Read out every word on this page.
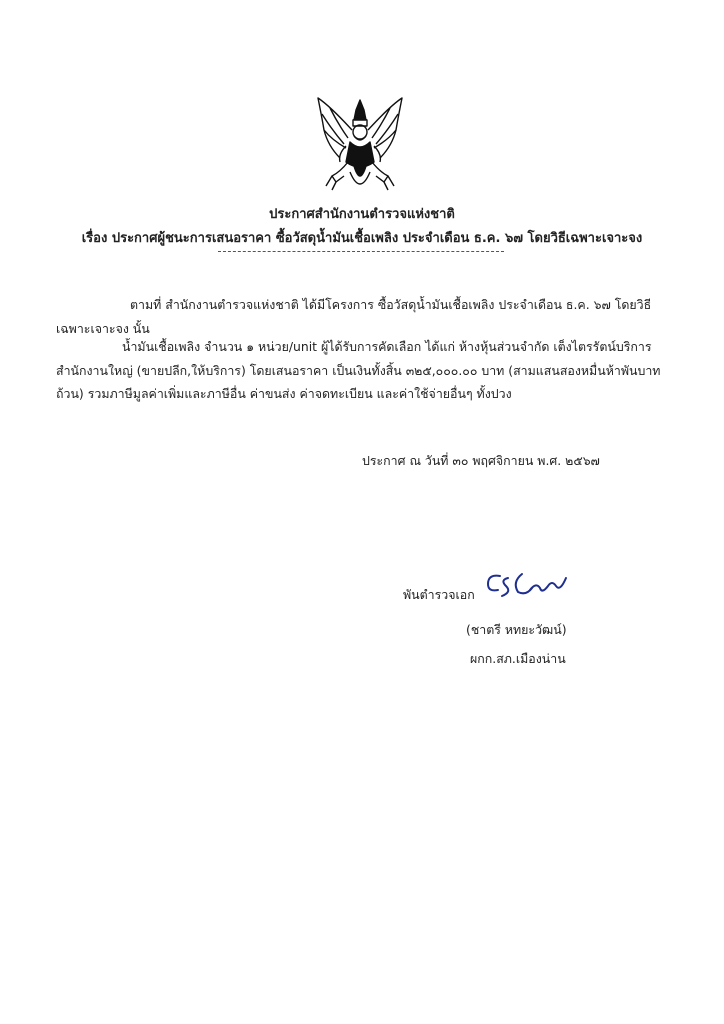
ประกาศสำนักงานตำรวจแห่งชาติ
เรื่อง ประกาศผู้ชนะการเสนอราคา ซื้อวัสดุน้ำมันเชื้อเพลิง ประจำเดือน ธ.ค. ๖๗ โดยวิธีเฉพาะเจาะจง
ตามที่ สำนักงานตำรวจแห่งชาติ ได้มีโครงการ ซื้อวัสดุน้ำมันเชื้อเพลิง ประจำเดือน ธ.ค. ๖๗ โดยวิธี
เฉพาะเจาะจง นั้น
น้ำมันเชื้อเพลิง จำนวน ๑ หน่วย/unit ผู้ได้รับการคัดเลือก ได้แก่ ห้างหุ้นส่วนจำกัด เต็งไตรรัตน์บริการ
สำนักงานใหญ่ (ขายปลีก,ให้บริการ) โดยเสนอราคา เป็นเงินทั้งสิ้น ๓๒๕,๐๐๐.๐๐ บาท (สามแสนสองหมื่นห้าพันบาท
ถ้วน) รวมภาษีมูลค่าเพิ่มและภาษีอื่น ค่าขนส่ง ค่าจดทะเบียน และค่าใช้จ่ายอื่นๆ ทั้งปวง
ประกาศ ณ วันที่ ๓๐ พฤศจิกายน พ.ศ. ๒๕๖๗
พันตำรวจเอก
(ชาตรี หทยะวัฒน์)
ผกก.สภ.เมืองน่าน
